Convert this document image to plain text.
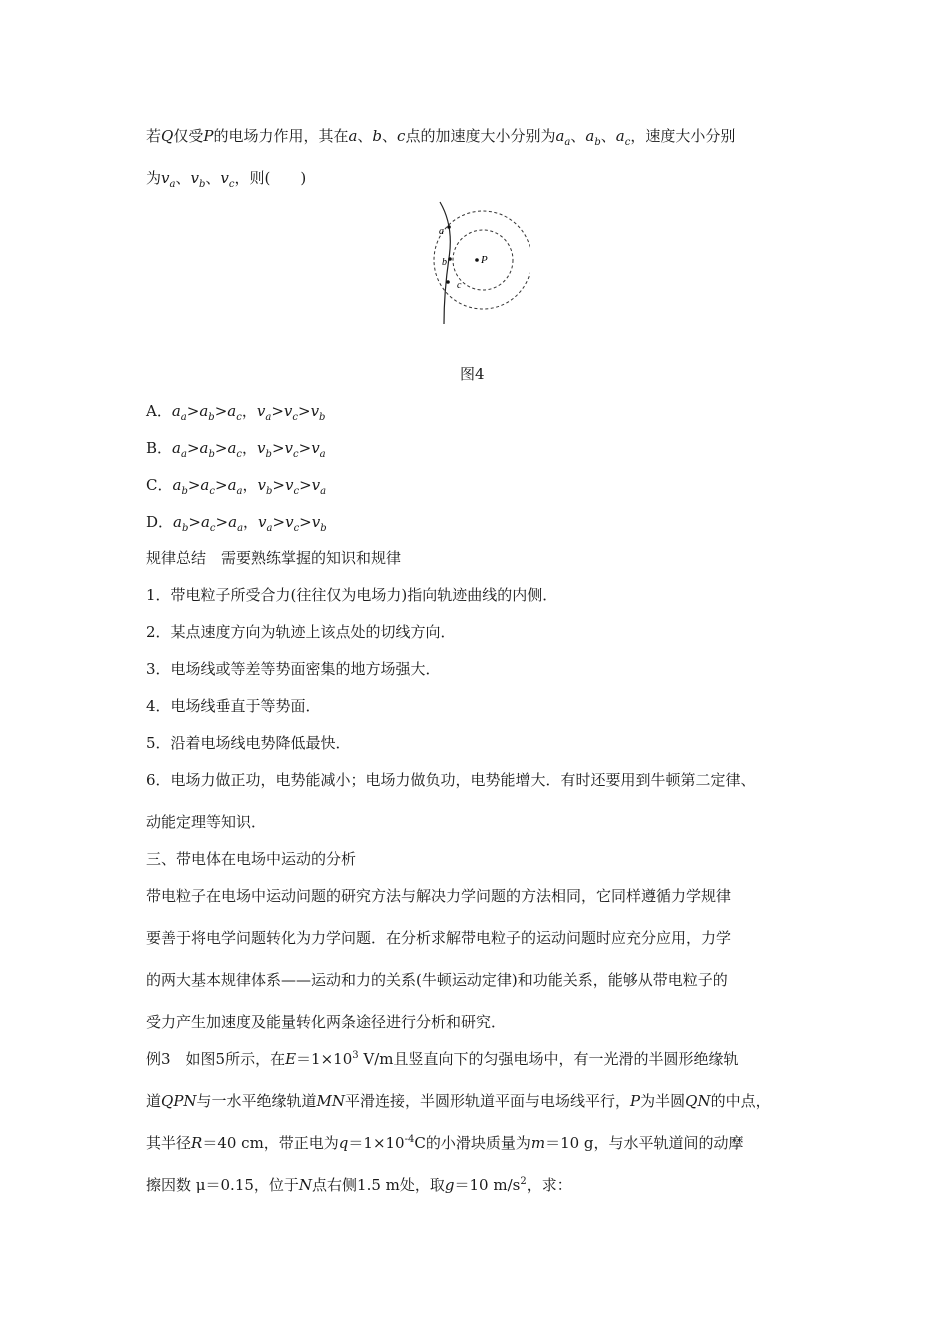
若Q仅受P的电场力作用，其在a、b、c点的加速度大小分别为$a_a$、$a_b$、$a_c$，速度大小分别
为$v_a$、$v_b$、$v_c$，则(　　)
a
b
c
P
图4
A．$a_a>a_b>a_c$，$v_a>v_c>v_b$
B．$a_a>a_b>a_c$，$v_b>v_c>v_a$
C．$a_b>a_c>a_a$，$v_b>v_c>v_a$
D．$a_b>a_c>a_a$，$v_a>v_c>v_b$
规律总结　需要熟练掌握的知识和规律
1．带电粒子所受合力(往往仅为电场力)指向轨迹曲线的内侧．
2．某点速度方向为轨迹上该点处的切线方向．
3．电场线或等差等势面密集的地方场强大．
4．电场线垂直于等势面．
5．沿着电场线电势降低最快．
6．电场力做正功，电势能减小；电场力做负功，电势能增大．有时还要用到牛顿第二定律、
动能定理等知识．
三、带电体在电场中运动的分析
带电粒子在电场中运动问题的研究方法与解决力学问题的方法相同，它同样遵循力学规律
要善于将电学问题转化为力学问题．在分析求解带电粒子的运动问题时应充分应用，力学
的两大基本规律体系——运动和力的关系(牛顿运动定律)和功能关系，能够从带电粒子的
受力产生加速度及能量转化两条途径进行分析和研究．
例3　如图5所示，在$E=1\times 10^3$ V/m且竖直向下的匀强电场中，有一光滑的半圆形绝缘轨
道QPN与一水平绝缘轨道MN平滑连接，半圆形轨道平面与电场线平行，P为半圆QN的中点，
其半径R＝40 cm，带正电为$q=1\times 10^{-4}C$的小滑块质量为m＝10 g，与水平轨道间的动摩
擦因数 μ＝0.15，位于N点右侧1.5 m处，取g＝10 $m/s^2$，求：
